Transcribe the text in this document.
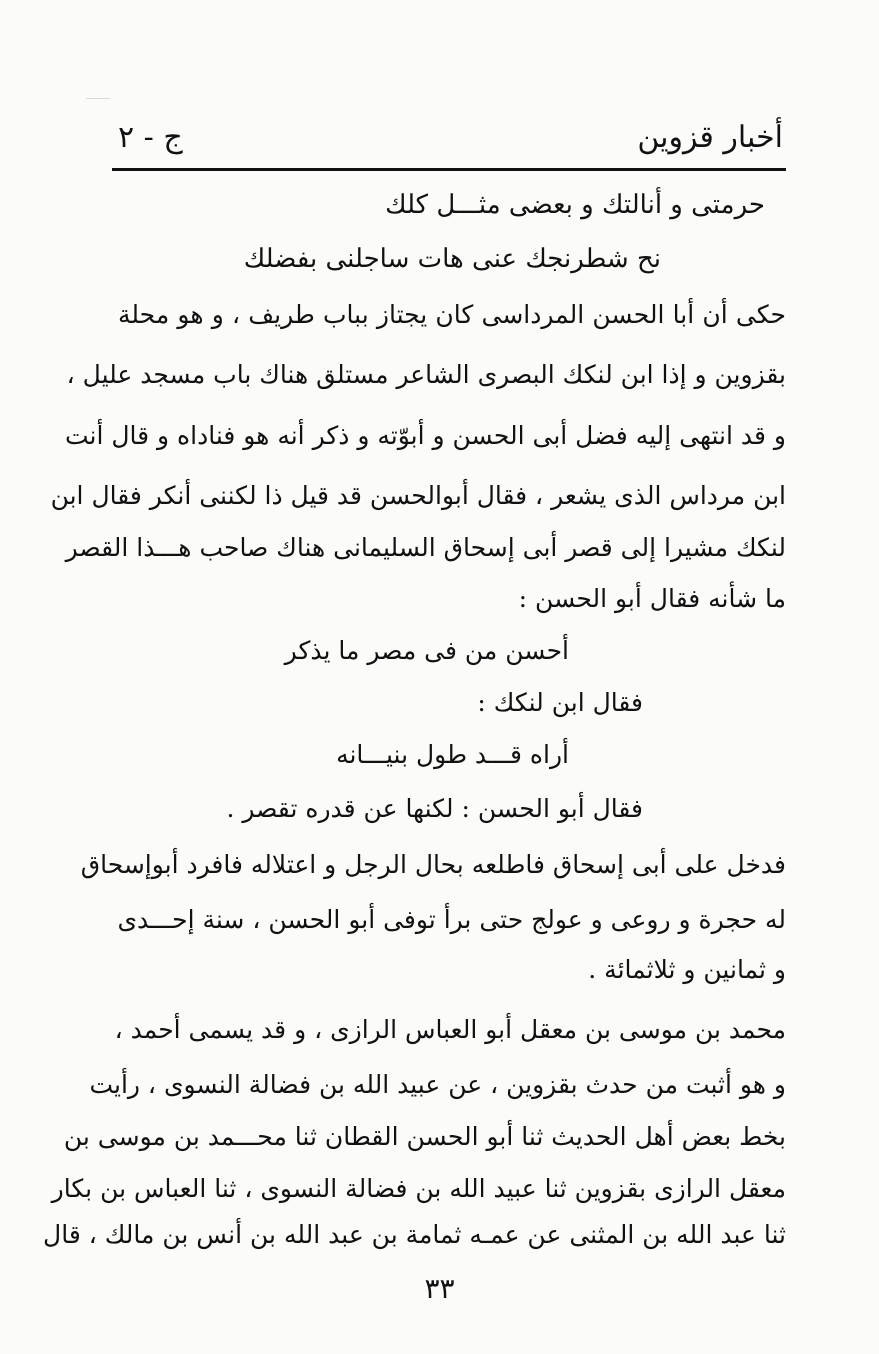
أخبار قزوين
ج - ٢
حرمتى و أنالتك و بعضى مثـــل كلك
نح شطرنجك عنى هات ساجلنى بفضلك
حكى أن أبا الحسن المرداسى كان يجتاز بباب طريف ، و هو محلة
بقزوين و إذا ابن لنكك البصرى الشاعر مستلق هناك باب مسجد عليل ،
و قد انتهى إليه فضل أبى الحسن و أبوّته و ذكر أنه هو فناداه و قال أنت
ابن مرداس الذى يشعر ، فقال أبوالحسن قد قيل ذا لكننى أنكر فقال ابن
لنكك مشيرا إلى قصر أبى إسحاق السليمانى هناك صاحب هـــذا القصر
ما شأنه فقال أبو الحسن :
أحسن من فى مصر ما يذكر
فقال ابن لنكك :
أراه قـــد طول بنيـــانه
فقال أبو الحسن : لكنها عن قدره تقصر .
فدخل على أبى إسحاق فاطلعه بحال الرجل و اعتلاله فافرد أبوإسحاق
له حجرة و روعى و عولج حتى برأ توفى أبو الحسن ، سنة إحـــدى
و ثمانين و ثلاثمائة .
محمد بن موسى بن معقل أبو العباس الرازى ، و قد يسمى أحمد ،
و هو أثبت من حدث بقزوين ، عن عبيد الله بن فضالة النسوى ، رأيت
بخط بعض أهل الحديث ثنا أبو الحسن القطان ثنا محـــمد بن موسى بن
معقل الرازى بقزوين ثنا عبيد الله بن فضالة النسوى ، ثنا العباس بن بكار
ثنا عبد الله بن المثنى عن عمـه ثمامة بن عبد الله بن أنس بن مالك ، قال
٣٣
